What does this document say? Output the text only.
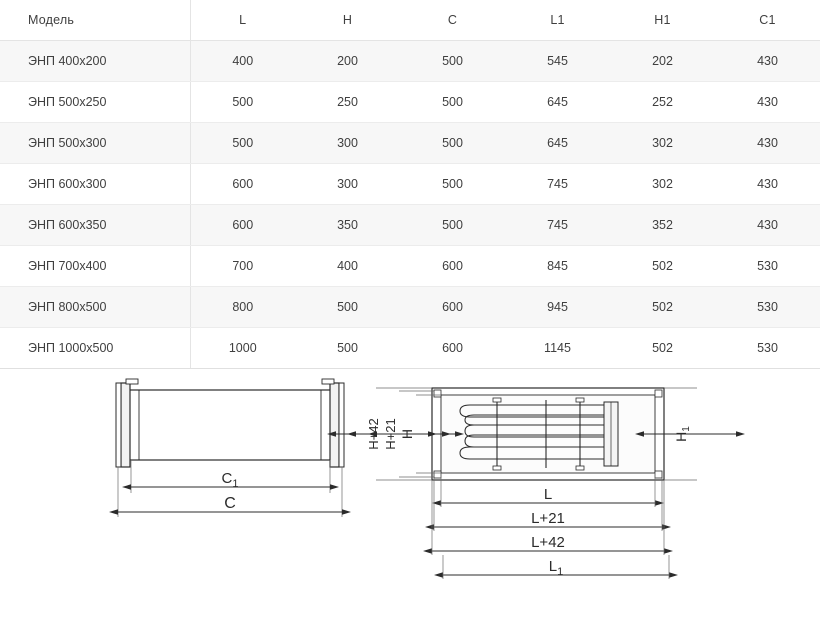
Модель	L	H	C	L1	H1	C1
ЭНП 400х200	400	200	500	545	202	430
ЭНП 500х250	500	250	500	645	252	430
ЭНП 500х300	500	300	500	645	302	430
ЭНП 600х300	600	300	500	745	302	430
ЭНП 600х350	600	350	500	745	352	430
ЭНП 700х400	700	400	600	845	502	530
ЭНП 800х500	800	500	600	945	502	530
ЭНП 1000х500	1000	500	600	1145	502	530
$C_1$
C
H+42 H+21 H	$H_1$
L
L+21
L+42
$L_1$
